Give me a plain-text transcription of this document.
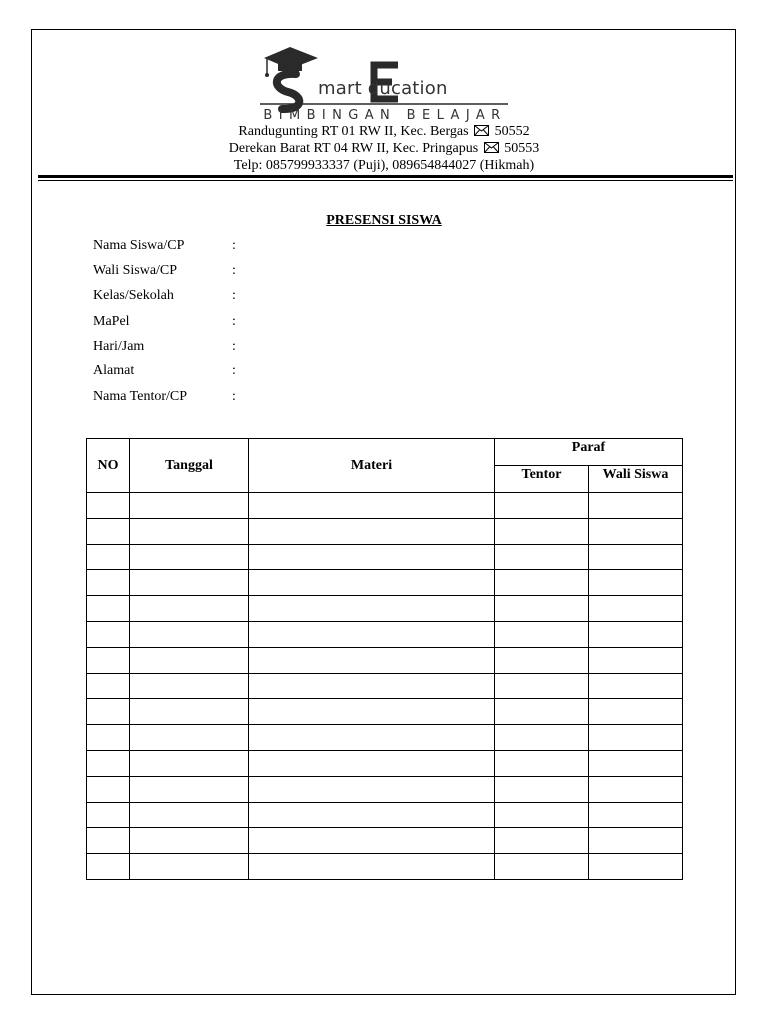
mart ducation
BIMBINGAN BELAJAR
Randugunting RT 01 RW II, Kec. Bergas 50552
Derekan Barat RT 04 RW II, Kec. Pringapus 50553
Telp: 085799933337 (Puji), 089654844027 (Hikmah)
PRESENSI SISWA
Nama Siswa/CP	:
Wali Siswa/CP	:
Kelas/Sekolah	:
MaPel	:
Hari/Jam	:
Alamat	:
Nama Tentor/CP	:
NO	Tanggal	Materi	Paraf	
			Tentor	Wali Siswa
